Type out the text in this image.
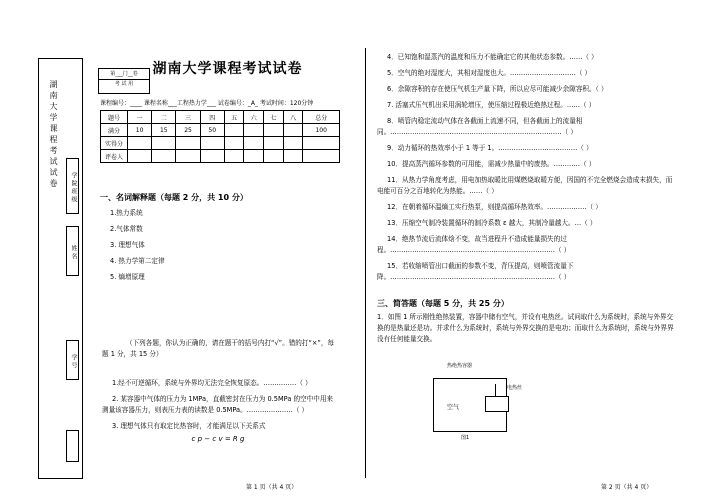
湖南大学课程考试试卷	学院班级
姓名
学号
第___门__卷
考 试 用
湖南大学课程考试试卷
课程编号：____ 课程名称___工程热力学___ 试卷编号：_A_ 考试时间：120分钟
题号	一	二	三	四	五	六	七	八	总分
满分	10	15	25	50					100
实得分									
评卷人									
一、名词解释题（每题 2 分，共 10 分）

1.热力系统

2.气体常数

3. 理想气体

4. 热力学第二定律

5. 熵增原理

（下列各题，你认为正确的，请在题干的括号内打“√”。错的打“×”，每题 1 分，共 15 分）

1.经不可逆循环，系统与外界均无法完全恢复原态。……………（ ）

2. 某容器中气体的压力为 1MPa，直截密封在压力为 0.5MPa 的空中中用来测量该容器压力，则表压力表的读数是 0.5MPa。…………………（ ）

3. 理想气体只有取定比热容时，才能满足以下关系式

c p − c v = R g
第 1 页（共 4 页）

4．已知饱和湿蒸汽的温度和压力不能确定它的其他状态参数。……（ ）

5．空气的绝对湿度大，其相对湿度也大。…………………………（ ）

6．余隙容积的存在使压气机生产量下降，所以应尽可能减少余隙容积。（ ）

7. 活塞式压气机出采用涡轮增压，使压缩过程极近绝热过程。……（ ）

8．喷管内稳定流动气体在各截面上流速不同，但各截面上的流量相同。……………………………………………………………………（ ）

9．动力循环的热效率小于 1 等于 1。………………………………（ ）

10．提高蒸汽循环参数的可用能，需减少热量中的废热。…………（ ）

11．从热力学角度考虑，用电加热取暖比用煤燃烧取暖方便，因国的不完全燃烧会造成末损失，而电能可百分之百地转化为热能。……（ ）

12．在朝着循环温熵工实行热泵，则提高循环热效率。………………（ ）

13．压缩空气制冷装置循环的制冷系数 ε 越大，其制冷量越大。…（ ）

14．绝热节流后流体焓不变，故当进程升不造成能量损失的过程。…………………………………………………………………（ ）

15．若收缩喷管出口截面的参数不变，背压提高，则喷管流量下降。…………………………………………………………………（ ）

三、简答题（每题 5 分，共 25 分）

1．如图 1 所示刚性绝热装置，容器中储有空气，并设有电热丝。试问取什么为系统时，系统与外界交换的是热量还是功。并求什么为系统时，系统与外界交换的是电功；而取什么为系统时，系统与外界界没有任何能量交换。

热绝热容器
电热丝
空气
图1
第 2 页（共 4 页）
